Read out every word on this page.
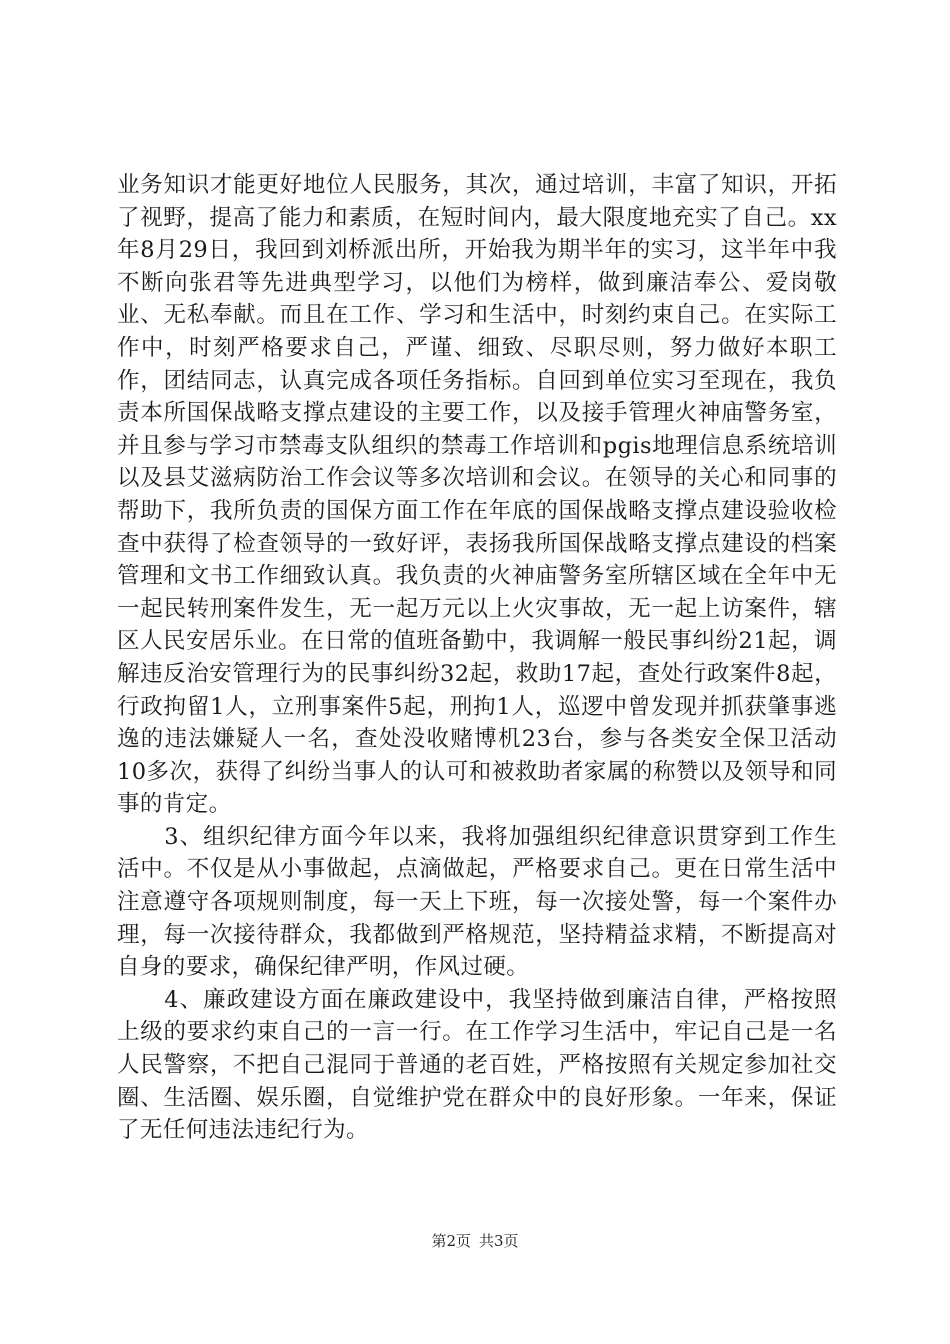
业务知识才能更好地位人民服务，其次，通过培训，丰富了知识，开拓了视野，提高了能力和素质，在短时间内，最大限度地充实了自己。xx年8月29日，我回到刘桥派出所，开始我为期半年的实习，这半年中我不断向张君等先进典型学习，以他们为榜样，做到廉洁奉公、爱岗敬业、无私奉献。而且在工作、学习和生活中，时刻约束自己。在实际工作中，时刻严格要求自己，严谨、细致、尽职尽则，努力做好本职工作，团结同志，认真完成各项任务指标。自回到单位实习至现在，我负责本所国保战略支撑点建设的主要工作，以及接手管理火神庙警务室，并且参与学习市禁毒支队组织的禁毒工作培训和pgis地理信息系统培训以及县艾滋病防治工作会议等多次培训和会议。在领导的关心和同事的帮助下，我所负责的国保方面工作在年底的国保战略支撑点建设验收检查中获得了检查领导的一致好评，表扬我所国保战略支撑点建设的档案管理和文书工作细致认真。我负责的火神庙警务室所辖区域在全年中无一起民转刑案件发生，无一起万元以上火灾事故，无一起上访案件，辖区人民安居乐业。在日常的值班备勤中，我调解一般民事纠纷21起，调解违反治安管理行为的民事纠纷32起，救助17起，查处行政案件8起，行政拘留1人，立刑事案件5起，刑拘1人，巡逻中曾发现并抓获肇事逃逸的违法嫌疑人一名，查处没收赌博机23台，参与各类安全保卫活动10多次，获得了纠纷当事人的认可和被救助者家属的称赞以及领导和同事的肯定。

3、组织纪律方面今年以来，我将加强组织纪律意识贯穿到工作生活中。不仅是从小事做起，点滴做起，严格要求自己。更在日常生活中注意遵守各项规则制度，每一天上下班，每一次接处警，每一个案件办理，每一次接待群众，我都做到严格规范，坚持精益求精，不断提高对自身的要求，确保纪律严明，作风过硬。

4、廉政建设方面在廉政建设中，我坚持做到廉洁自律，严格按照上级的要求约束自己的一言一行。在工作学习生活中，牢记自己是一名人民警察，不把自己混同于普通的老百姓，严格按照有关规定参加社交圈、生活圈、娱乐圈，自觉维护党在群众中的良好形象。一年来，保证了无任何违法违纪行为。

第2页 共3页
